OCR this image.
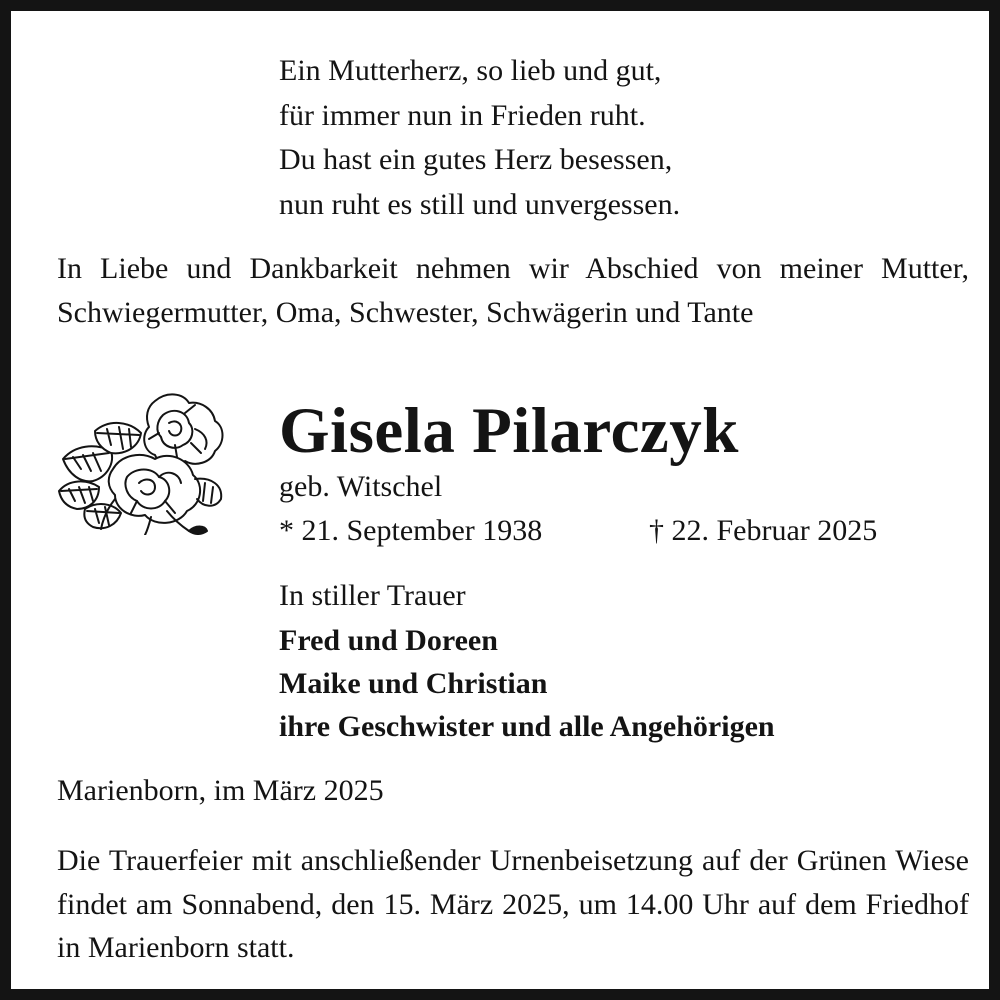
Ein Mutterherz, so lieb und gut,
für immer nun in Frieden ruht.
Du hast ein gutes Herz besessen,
nun ruht es still und unvergessen.
In Liebe und Dankbarkeit nehmen wir Abschied von meiner Mutter, Schwiegermutter, Oma, Schwester, Schwägerin und Tante
Gisela Pilarczyk
geb. Witschel
* 21. September 1938	† 22. Februar 2025
In stiller Trauer
Fred und Doreen
Maike und Christian
ihre Geschwister und alle Angehörigen
Marienborn, im März 2025
Die Trauerfeier mit anschließender Urnenbeisetzung auf der Grünen Wiese findet am Sonnabend, den 15. März 2025, um 14.00 Uhr auf dem Friedhof in Marienborn statt.
